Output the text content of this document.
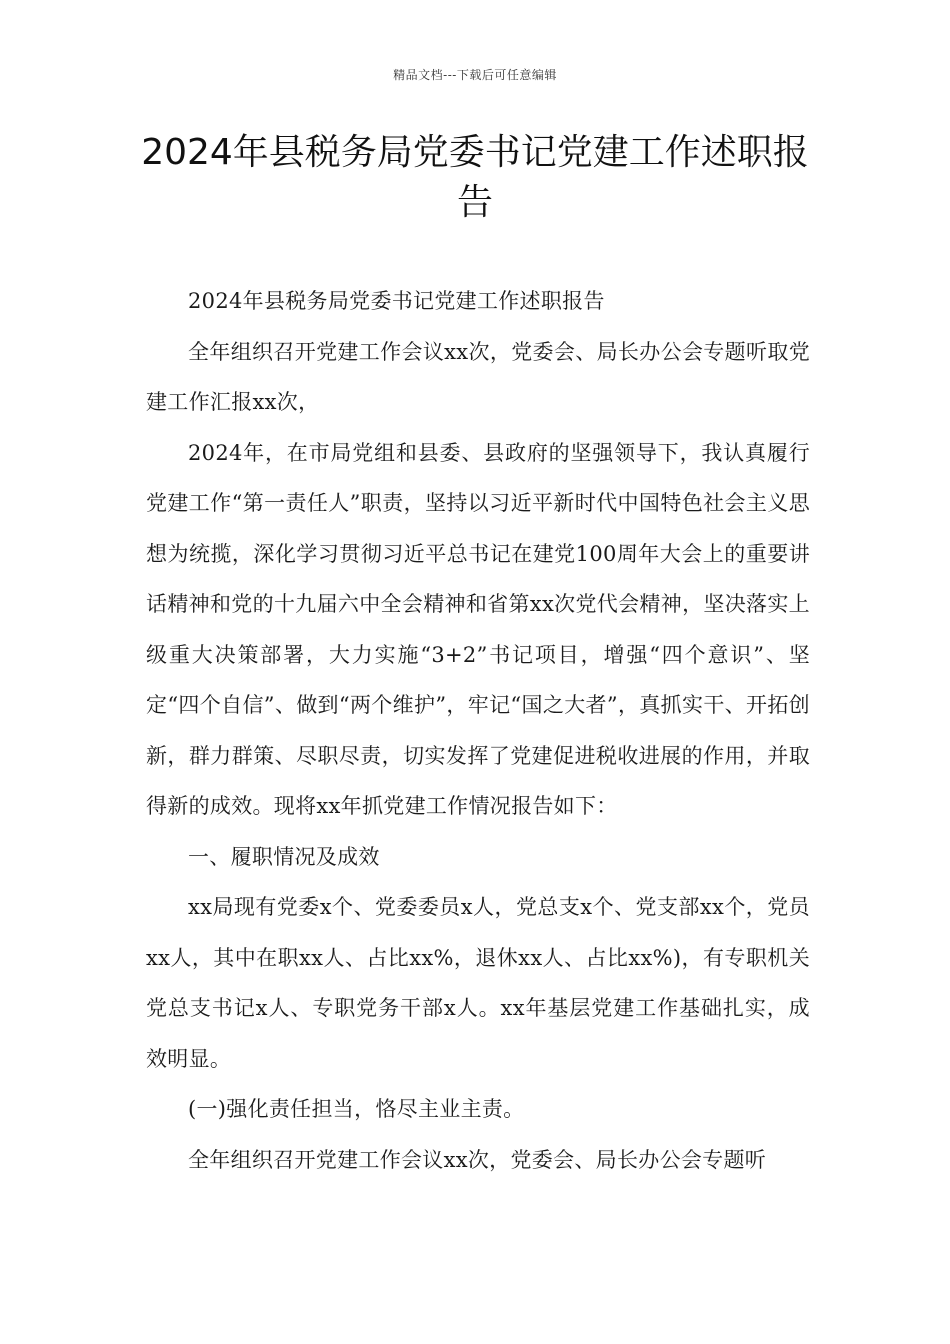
精品文档---下载后可任意编辑
2024年县税务局党委书记党建工作述职报告

2024年县税务局党委书记党建工作述职报告

全年组织召开党建工作会议xx次，党委会、局长办公会专题听取党建工作汇报xx次，

2024年，在市局党组和县委、县政府的坚强领导下，我认真履行党建工作“第一责任人”职责，坚持以习近平新时代中国特色社会主义思想为统揽，深化学习贯彻习近平总书记在建党100周年大会上的重要讲话精神和党的十九届六中全会精神和省第xx次党代会精神，坚决落实上级重大决策部署，大力实施“3+2”书记项目，增强“四个意识”、坚定“四个自信”、做到“两个维护”，牢记“国之大者”，真抓实干、开拓创新，群力群策、尽职尽责，切实发挥了党建促进税收进展的作用，并取得新的成效。现将xx年抓党建工作情况报告如下：

一、履职情况及成效

xx局现有党委x个、党委委员x人，党总支x个、党支部xx个，党员xx人，其中在职xx人、占比xx%，退休xx人、占比xx%)，有专职机关党总支书记x人、专职党务干部x人。xx年基层党建工作基础扎实，成效明显。

(一)强化责任担当，恪尽主业主责。

全年组织召开党建工作会议xx次，党委会、局长办公会专题听
